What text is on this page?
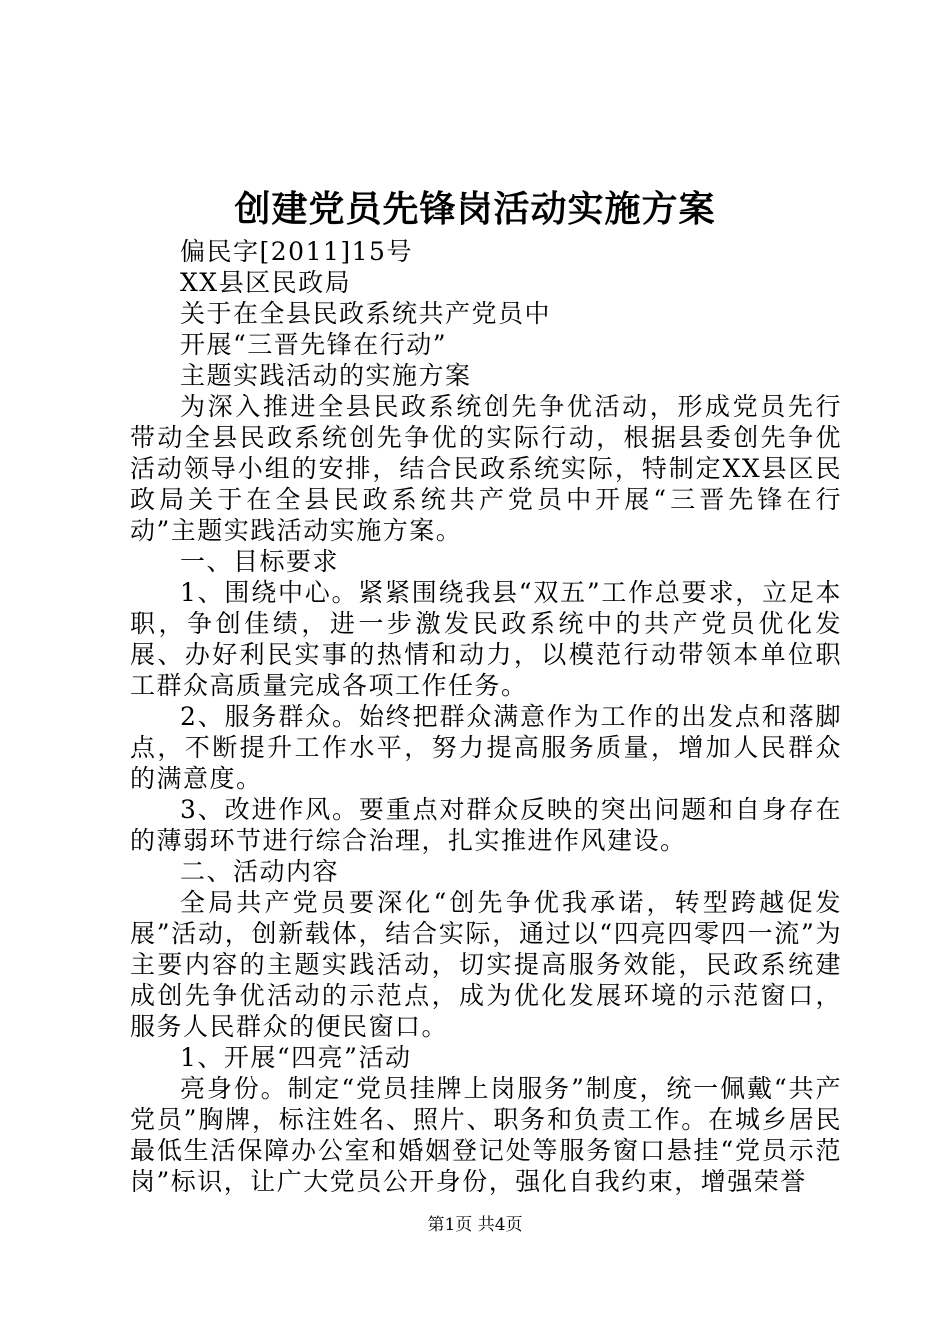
创建党员先锋岗活动实施方案

偏民字[2011]15号

XX县区民政局

关于在全县民政系统共产党员中

开展“三晋先锋在行动”

主题实践活动的实施方案

为深入推进全县民政系统创先争优活动，形成党员先行带动全县民政系统创先争优的实际行动，根据县委创先争优活动领导小组的安排，结合民政系统实际，特制定XX县区民政局关于在全县民政系统共产党员中开展“三晋先锋在行动”主题实践活动实施方案。

一、目标要求

1、围绕中心。紧紧围绕我县“双五”工作总要求，立足本职，争创佳绩，进一步激发民政系统中的共产党员优化发展、办好利民实事的热情和动力，以模范行动带领本单位职工群众高质量完成各项工作任务。

2、服务群众。始终把群众满意作为工作的出发点和落脚点，不断提升工作水平，努力提高服务质量，增加人民群众的满意度。

3、改进作风。要重点对群众反映的突出问题和自身存在的薄弱环节进行综合治理，扎实推进作风建设。

二、活动内容

全局共产党员要深化“创先争优我承诺，转型跨越促发展”活动，创新载体，结合实际，通过以“四亮四零四一流”为主要内容的主题实践活动，切实提高服务效能，民政系统建成创先争优活动的示范点，成为优化发展环境的示范窗口，服务人民群众的便民窗口。

1、开展“四亮”活动

亮身份。制定“党员挂牌上岗服务”制度，统一佩戴“共产党员”胸牌，标注姓名、照片、职务和负责工作。在城乡居民最低生活保障办公室和婚姻登记处等服务窗口悬挂“党员示范岗”标识，让广大党员公开身份，强化自我约束，增强荣誉

第1页 共4页
